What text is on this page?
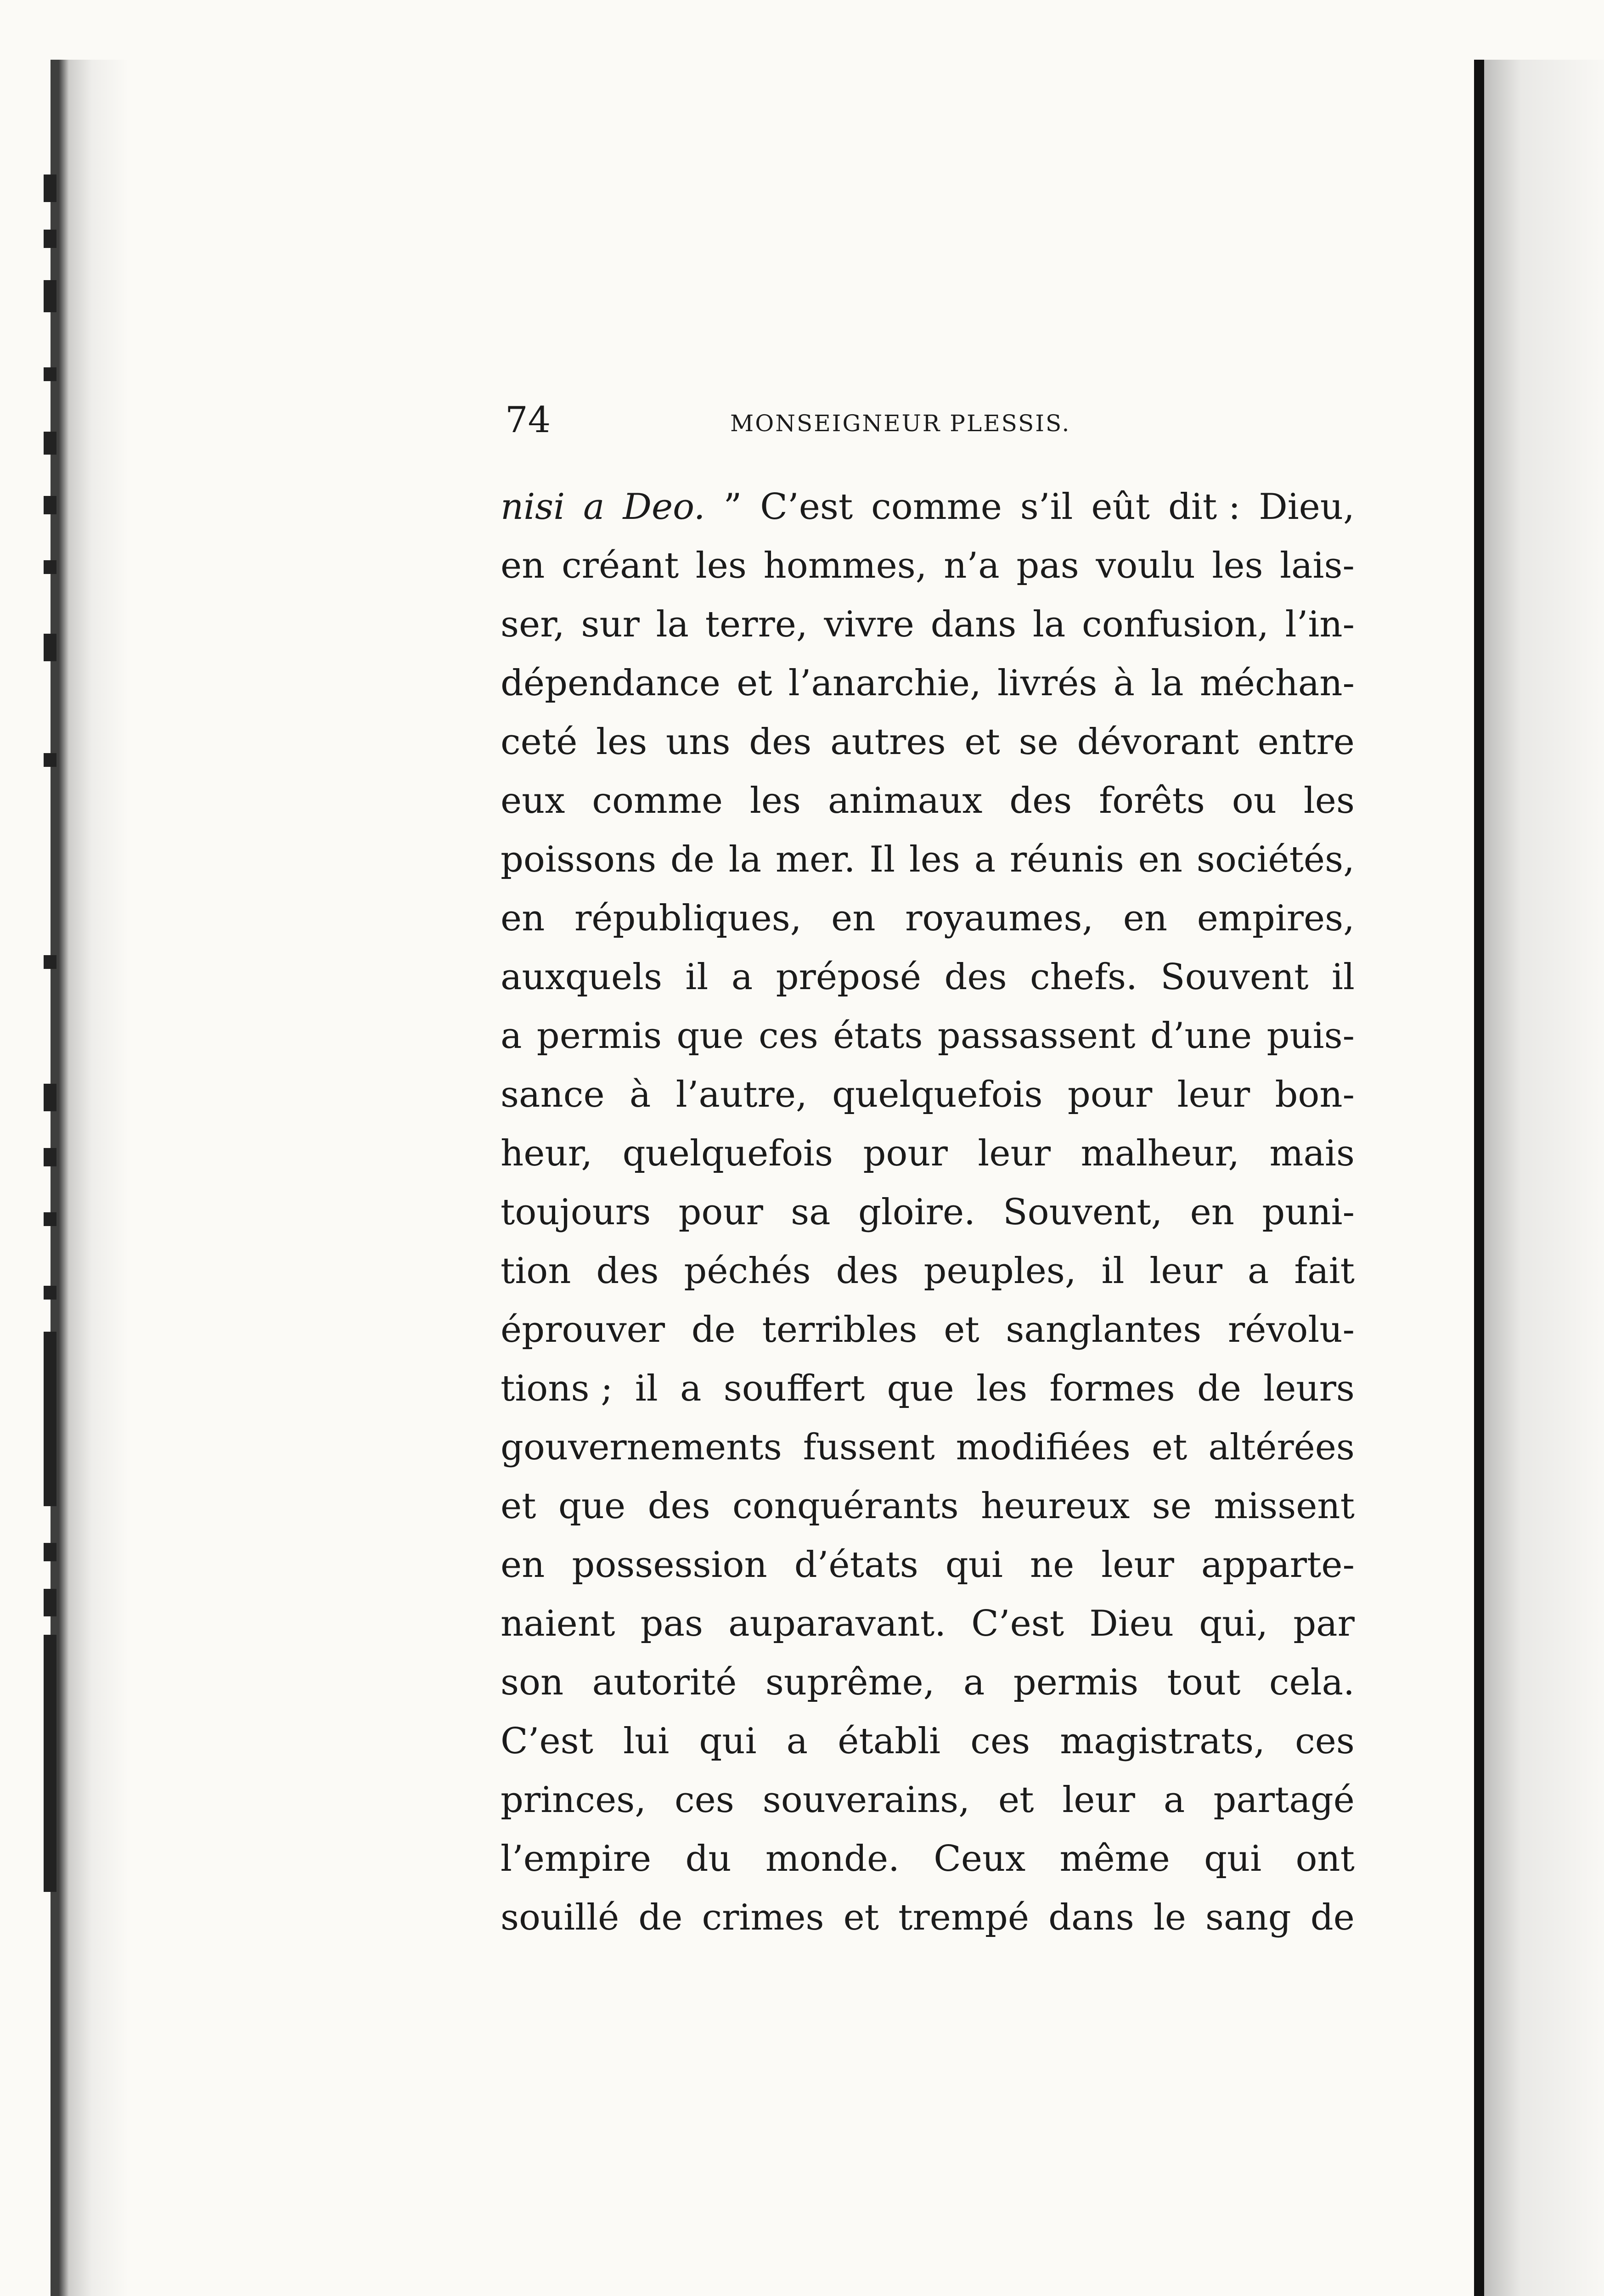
74	MONSEIGNEUR PLESSIS.
nisi a Deo. ” C’est comme s’il eût dit : Dieu,
en créant les hommes, n’a pas voulu les lais-
ser, sur la terre, vivre dans la confusion, l’in-
dépendance et l’anarchie, livrés à la méchan-
ceté les uns des autres et se dévorant entre
eux comme les animaux des forêts ou les
poissons de la mer. Il les a réunis en sociétés,
en républiques, en royaumes, en empires,
auxquels il a préposé des chefs. Souvent il
a permis que ces états passassent d’une puis-
sance à l’autre, quelquefois pour leur bon-
heur, quelquefois pour leur malheur, mais
toujours pour sa gloire. Souvent, en puni-
tion des péchés des peuples, il leur a fait
éprouver de terribles et sanglantes révolu-
tions ; il a souffert que les formes de leurs
gouvernements fussent modifiées et altérées
et que des conquérants heureux se missent
en possession d’états qui ne leur apparte-
naient pas auparavant. C’est Dieu qui, par
son autorité suprême, a permis tout cela.
C’est lui qui a établi ces magistrats, ces
princes, ces souverains, et leur a partagé
l’empire du monde. Ceux même qui ont
souillé de crimes et trempé dans le sang de
